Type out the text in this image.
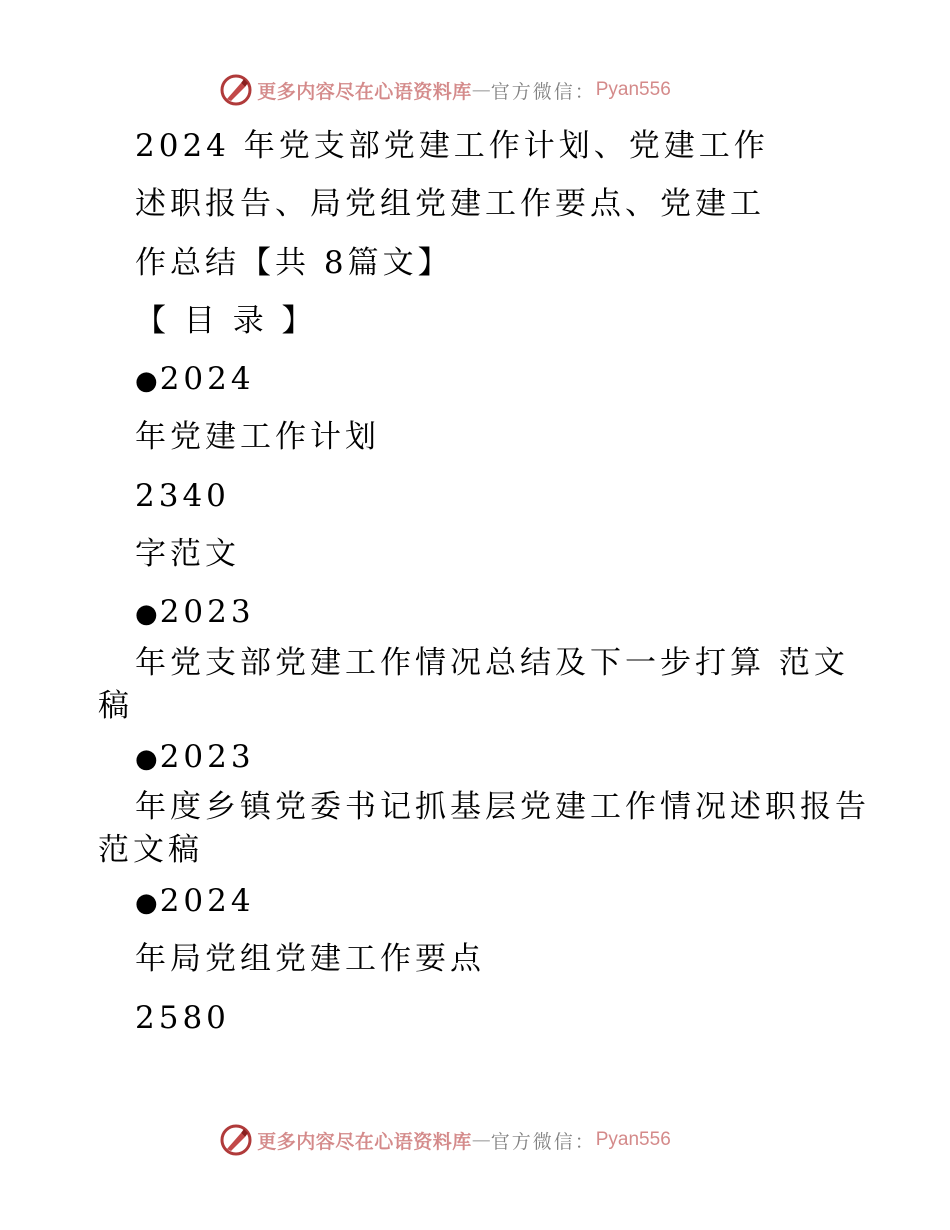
更多内容尽在心语资料库 — 官方微信： Pyan556
2024 年党支部党建工作计划、党建工作
述职报告、局党组党建工作要点、党建工
作总结【共 8篇文】
【 目 录 】
●2024
年党建工作计划
2340
字范文
●2023
年党支部党建工作情况总结及下一步打算 范文
稿
●2023
年度乡镇党委书记抓基层党建工作情况述职报告
范文稿
●2024
年局党组党建工作要点
2580
更多内容尽在心语资料库 — 官方微信： Pyan556
